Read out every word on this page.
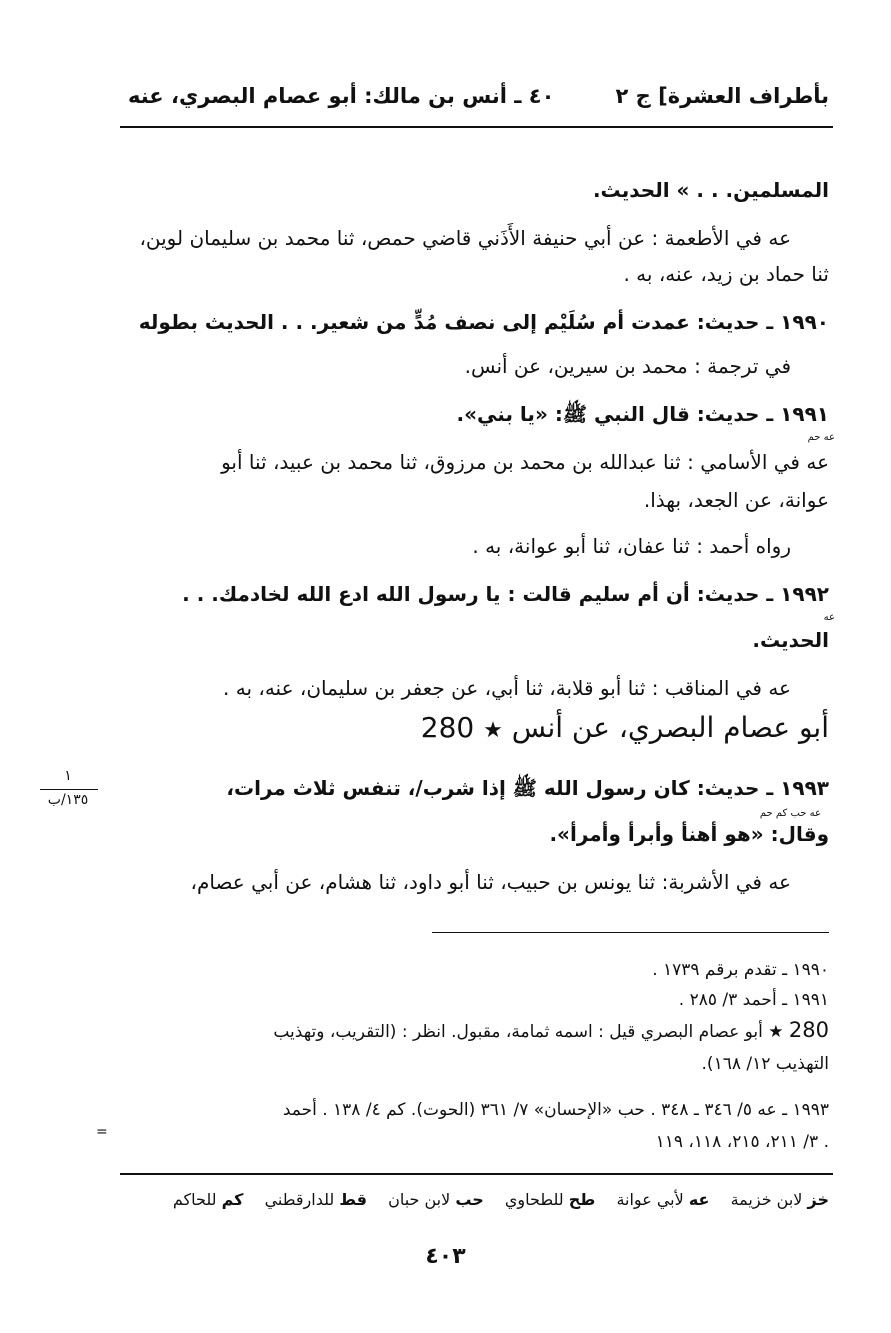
بأطراف العشرة] ج ٢
٤٠ ـ أنس بن مالك: أبو عصام البصري، عنه
المسلمين. . . » الحديث.
عه في الأطعمة : عن أبي حنيفة الأَذَني قاضي حمص، ثنا محمد بن سليمان لوين،
ثنا حماد بن زيد، عنه، به .
١٩٩٠ ـ حديث: عمدت أم سُلَيْم إلى نصف مُدٍّ من شعير. . . الحديث بطوله
في ترجمة : محمد بن سيرين، عن أنس.
١٩٩١ ـ حديث: قال النبي ﷺ: «يا بني».
عه حم
عه في الأسامي : ثنا عبدالله بن محمد بن مرزوق، ثنا محمد بن عبيد، ثنا أبو
عوانة، عن الجعد، بهذا.
رواه أحمد : ثنا عفان، ثنا أبو عوانة، به .
١٩٩٢ ـ حديث: أن أم سليم قالت : يا رسول الله ادع الله لخادمك. . .
عه
الحديث.
عه في المناقب : ثنا أبو قلابة، ثنا أبي، عن جعفر بن سليمان، عنه، به .
أبو عصام البصري، عن أنس ★ 280
١٩٩٣ ـ حديث: كان رسول الله ﷺ إذا شرب/، تنفس ثلاث مرات،
عه حب كم حم
وقال: «هو أهنأ وأبرأ وأمرأ».
عه في الأشربة: ثنا يونس بن حبيب، ثنا أبو داود، ثنا هشام، عن أبي عصام،
١
١٣٥/ب
١٩٩٠ ـ تقدم برقم ١٧٣٩ .
١٩٩١ ـ أحمد ٣/ ٢٨٥ .
280 ★ أبو عصام البصري قيل : اسمه ثمامة، مقبول. انظر : (التقريب، وتهذيب
التهذيب ١٢/ ١٦٨).
١٩٩٣ ـ عه ٥/ ٣٤٦ ـ ٣٤٨ . حب «الإحسان» ٧/ ٣٦١ (الحوت). كم ٤/ ١٣٨ . أحمد
٣/ ٢١١، ٢١٥، ١١٨، ١١٩ .
=
خز لابن خزيمة عه لأبي عوانة طح للطحاوي حب لابن حبان قط للدارقطني كم للحاكم
٤٠٣
